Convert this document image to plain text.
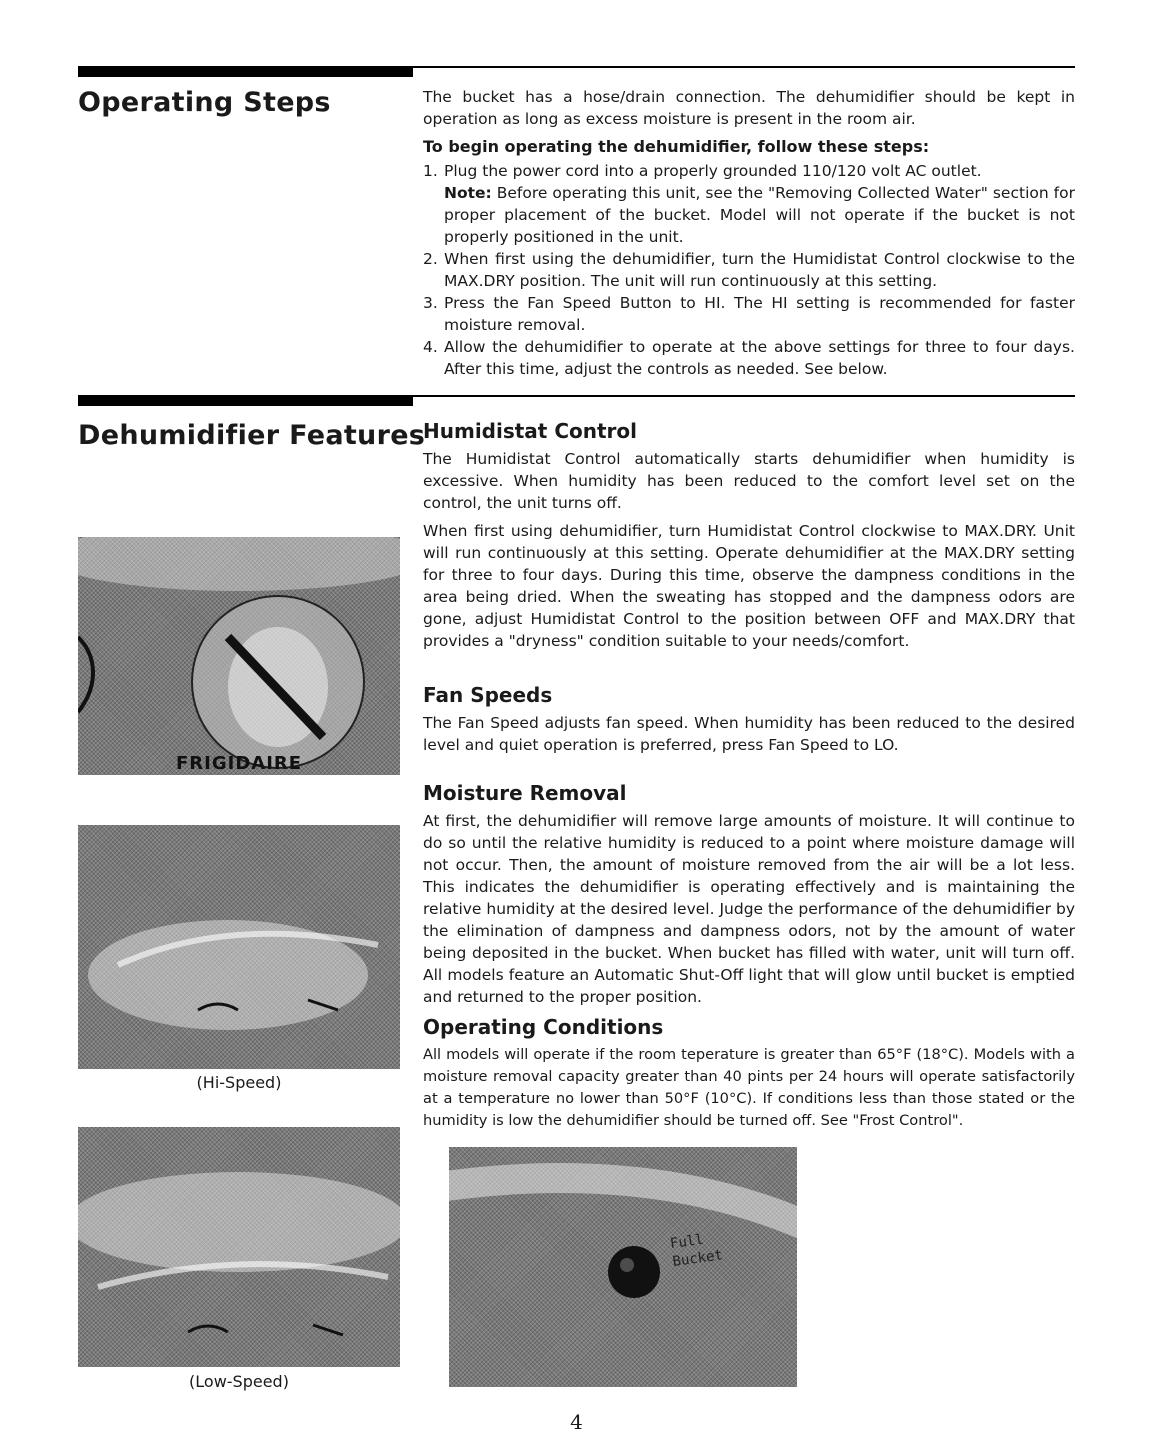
Operating Steps	The bucket has a hose/drain connection. The dehumidifier should be kept in operation as long as excess moisture is present in the room air.

To begin operating the dehumidifier, follow these steps:
1. Plug the power cord into a properly grounded 110/120 volt AC outlet.
Note: Before operating this unit, see the "Removing Collected Water" section for proper placement of the bucket. Model will not operate if the bucket is not properly positioned in the unit.
2. When first using the dehumidifier, turn the Humidistat Control clockwise to the MAX.DRY position. The unit will run continuously at this setting.
3. Press the Fan Speed Button to HI. The HI setting is recommended for faster moisture removal.
4. Allow the dehumidifier to operate at the above settings for three to four days. After this time, adjust the controls as needed. See below.
Dehumidifier Features
Humidistat Control

The Humidistat Control automatically starts dehumidifier when humidity is excessive. When humidity has been reduced to the comfort level set on the control, the unit turns off.

When first using dehumidifier, turn Humidistat Control clockwise to MAX.DRY. Unit will run continuously at this setting. Operate dehumidifier at the MAX.DRY setting for three to four days. During this time, observe the dampness conditions in the area being dried. When the sweating has stopped and the dampness odors are gone, adjust Humidistat Control to the position between OFF and MAX.DRY that provides a "dryness" condition suitable to your needs/comfort.

Fan Speeds

The Fan Speed adjusts fan speed. When humidity has been reduced to the desired level and quiet operation is preferred, press Fan Speed to LO.

Moisture Removal

At first, the dehumidifier will remove large amounts of moisture. It will continue to do so until the relative humidity is reduced to a point where moisture damage will not occur. Then, the amount of moisture removed from the air will be a lot less. This indicates the dehumidifier is operating effectively and is maintaining the relative humidity at the desired level. Judge the performance of the dehumidifier by the elimination of dampness and dampness odors, not by the amount of water being deposited in the bucket. When bucket has filled with water, unit will turn off. All models feature an Automatic Shut-Off light that will glow until bucket is emptied and returned to the proper position.

Operating Conditions

All models will operate if the room teperature is greater than 65°F (18°C). Models with a moisture removal capacity greater than 40 pints per 24 hours will operate satisfactorily at a temperature no lower than 50°F (10°C). If conditions less than those stated or the humidity is low the dehumidifier should be turned off. See "Frost Control".

FRIGIDAIRE
(Hi-Speed)
(Low-Speed)
Full Bucket
4
